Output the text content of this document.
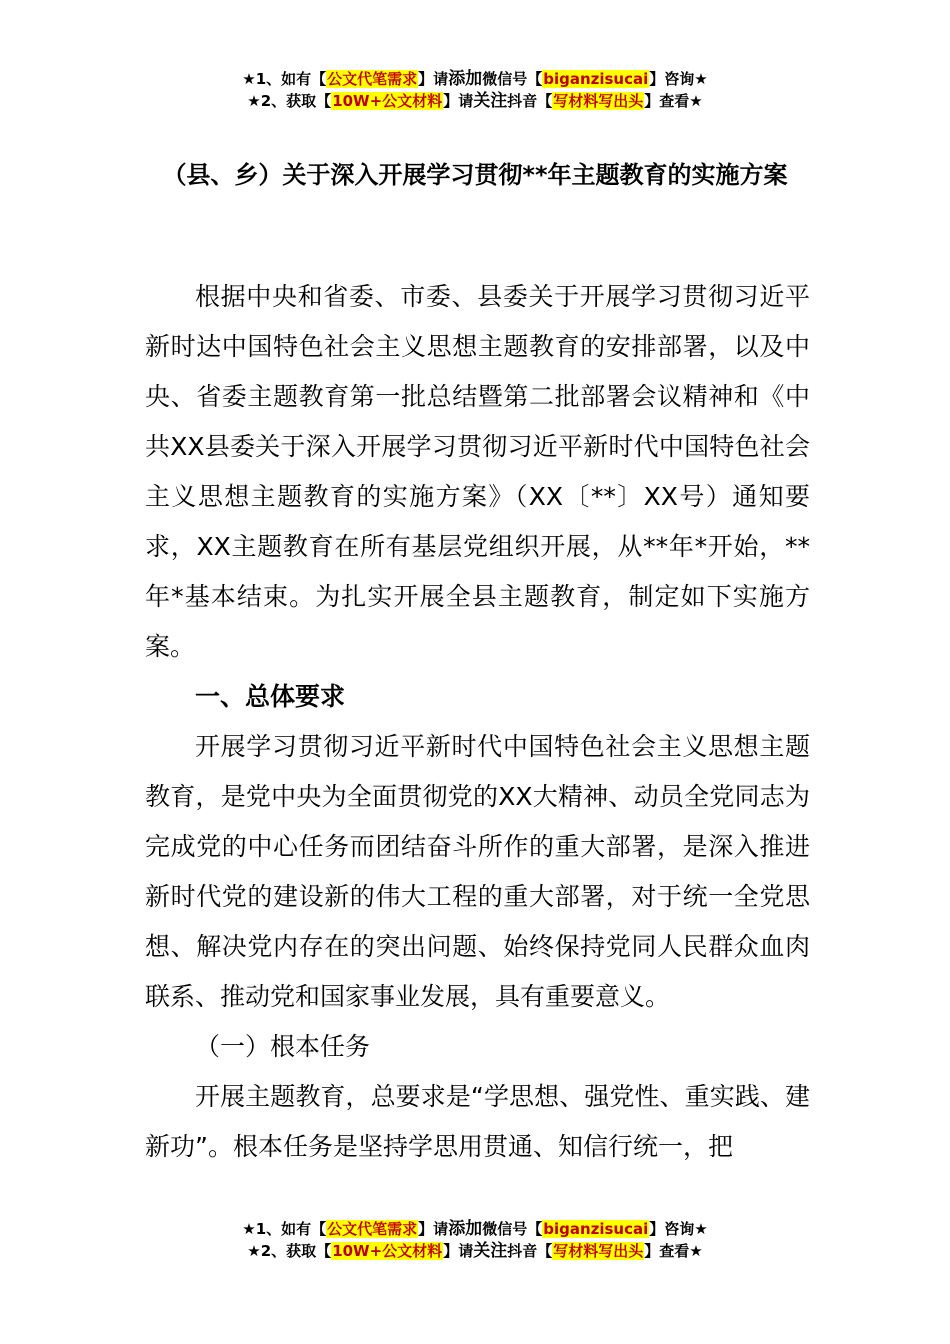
★1、如有【公文代笔需求】请添加微信号【biganzisucai】咨询★
★2、获取【10W+公文材料】请关注抖音【写材料写出头】查看★
（县、乡）关于深入开展学习贯彻**年主题教育的实施方案

根据中央和省委、市委、县委关于开展学习贯彻习近平新时达中国特色社会主义思想主题教育的安排部署，以及中央、省委主题教育第一批总结暨第二批部署会议精神和《中共XX县委关于深入开展学习贯彻习近平新时代中国特色社会主义思想主题教育的实施方案》（XX〔**〕XX号）通知要求，XX主题教育在所有基层党组织开展，从**年*开始，**年*基本结束。为扎实开展全县主题教育，制定如下实施方案。

一、总体要求

开展学习贯彻习近平新时代中国特色社会主义思想主题教育，是党中央为全面贯彻党的XX大精神、动员全党同志为完成党的中心任务而团结奋斗所作的重大部署，是深入推进新时代党的建设新的伟大工程的重大部署，对于统一全党思想、解决党内存在的突出问题、始终保持党同人民群众血肉联系、推动党和国家事业发展，具有重要意义。

（一）根本任务

开展主题教育，总要求是“学思想、强党性、重实践、建新功”。根本任务是坚持学思用贯通、知信行统一，把

★1、如有【公文代笔需求】请添加微信号【biganzisucai】咨询★
★2、获取【10W+公文材料】请关注抖音【写材料写出头】查看★
